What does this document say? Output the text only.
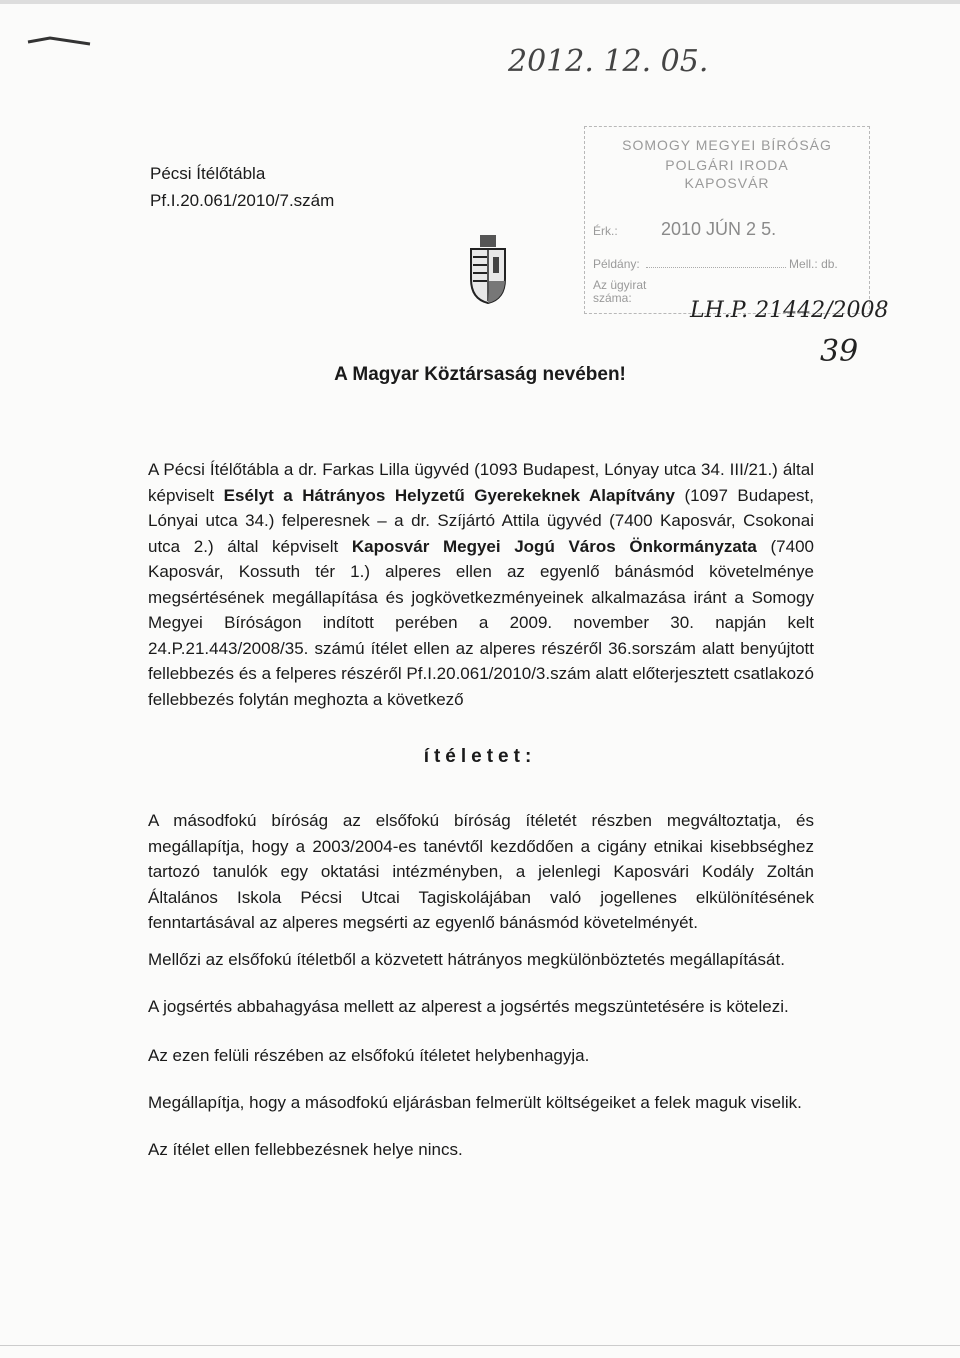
2012. 12. 05.
Pécsi Ítélőtábla
Pf.I.20.061/2010/7.szám
SOMOGY MEGYEI BÍRÓSÁG
POLGÁRI IRODA
KAPOSVÁR
Érk.: 2010 JÚN 2 5.
Példány:	Mell.: db.
Az ügyirat száma:	LH.P. 21442/2008
39
A Magyar Köztársaság nevében!
A Pécsi Ítélőtábla a dr. Farkas Lilla ügyvéd (1093 Budapest, Lónyay utca 34. III/21.) által képviselt Esélyt a Hátrányos Helyzetű Gyerekeknek Alapítvány (1097 Budapest, Lónyai utca 34.) felperesnek – a dr. Szíjártó Attila ügyvéd (7400 Kaposvár, Csokonai utca 2.) által képviselt Kaposvár Megyei Jogú Város Önkormányzata (7400 Kaposvár, Kossuth tér 1.) alperes ellen az egyenlő bánásmód követelménye megsértésének megállapítása és jogkövetkezményeinek alkalmazása iránt a Somogy Megyei Bíróságon indított perében a 2009. november 30. napján kelt 24.P.21.443/2008/35. számú ítélet ellen az alperes részéről 36.sorszám alatt benyújtott fellebbezés és a felperes részéről Pf.I.20.061/2010/3.szám alatt előterjesztett csatlakozó fellebbezés folytán meghozta a következő
ítéletet:
A másodfokú bíróság az elsőfokú bíróság ítéletét részben megváltoztatja, és megállapítja, hogy a 2003/2004-es tanévtől kezdődően a cigány etnikai kisebbséghez tartozó tanulók egy oktatási intézményben, a jelenlegi Kaposvári Kodály Zoltán Általános Iskola Pécsi Utcai Tagiskolájában való jogellenes elkülönítésének fenntartásával az alperes megsérti az egyenlő bánásmód követelményét.
Mellőzi az elsőfokú ítéletből a közvetett hátrányos megkülönböztetés megállapítását.
A jogsértés abbahagyása mellett az alperest a jogsértés megszüntetésére is kötelezi.
Az ezen felüli részében az elsőfokú ítéletet helybenhagyja.
Megállapítja, hogy a másodfokú eljárásban felmerült költségeiket a felek maguk viselik.
Az ítélet ellen fellebbezésnek helye nincs.
